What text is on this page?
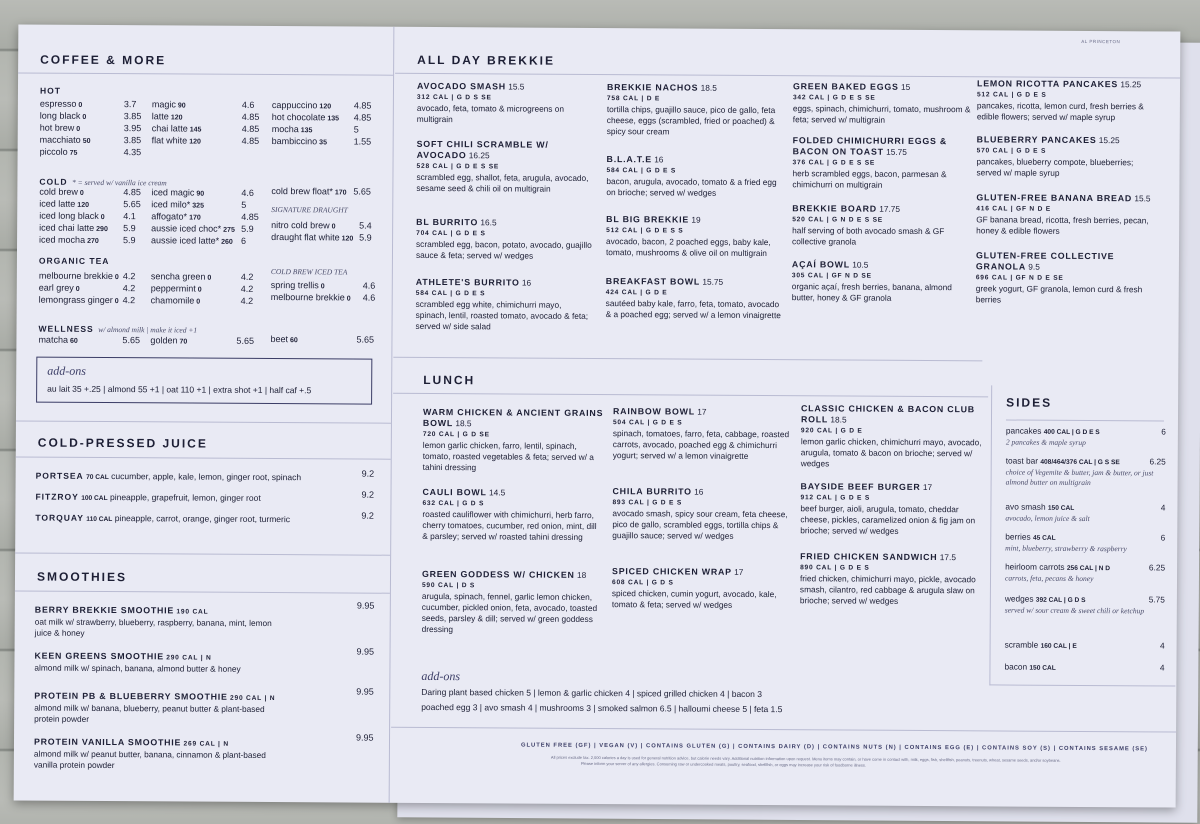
COFFEE & MORE
HOT
espresso 0	3.7
long black 0	3.85
hot brew 0	3.95
macchiato 50	3.85
piccolo 75	4.35
magic 90	4.6
latte 120	4.85
chai latte 145	4.85
flat white 120	4.85
cappuccino 120	4.85
hot chocolate 135 4.85
mocha 135	5
bambiccino 35	1.55
COLD * = served w/ vanilla ice cream
cold brew 0	4.85
iced latte 120	5.65
iced long black 0 4.1
iced chai latte 290 5.9
iced mocha 270	5.9
iced magic 90	4.6
iced milo* 325	5
affogato* 170	4.85
aussie iced choc* 275 5.9
aussie iced latte* 260 6
cold brew float* 170 5.65
nitro cold brew 0	5.4
draught flat white 120 5.9
SIGNATURE DRAUGHT
ORGANIC TEA
COLD BREW ICED TEA
melbourne brekkie 0 4.2
earl grey 0	4.2
lemongrass ginger 0 4.2
sencha green 0	4.2
peppermint 0	4.2
chamomile 0	4.2
spring trellis 0	4.6
melbourne brekkie 0 4.6
WELLNESS w/ almond milk | make it iced +1
matcha 60	5.65 golden 70	5.65 beet 60	5.65
add-ons
au lait 35 +.25 | almond 55 +1 | oat 110 +1 | extra shot +1 | half caf +.5
COLD-PRESSED JUICE
PORTSEA 70 CAL cucumber, apple, kale, lemon, ginger root, spinach	9.2
FITZROY 100 CAL pineapple, grapefruit, lemon, ginger root	9.2
TORQUAY 110 CAL pineapple, carrot, orange, ginger root, turmeric	9.2
SMOOTHIES
BERRY BREKKIE SMOOTHIE 190 CAL
oat milk w/ strawberry, blueberry, raspberry, banana, mint, lemon juice & honey
9.95
KEEN GREENS SMOOTHIE 290 CAL | N
almond milk w/ spinach, banana, almond butter & honey
9.95
PROTEIN PB & BLUEBERRY SMOOTHIE 290 CAL | N
almond milk w/ banana, blueberry, peanut butter & plant-based protein powder
9.95
PROTEIN VANILLA SMOOTHIE 269 CAL | N
almond milk w/ peanut butter, banana, cinnamon & plant-based vanilla protein powder
9.95
ALL DAY BREKKIE
AL PRINCETON
AVOCADO SMASH 15.5
312 CAL | G D S SE
avocado, feta, tomato & microgreens on multigrain
SOFT CHILI SCRAMBLE W/ AVOCADO 16.25
528 CAL | G D E S SE
scrambled egg, shallot, feta, arugula, avocado, sesame seed & chili oil on multigrain
BL BURRITO 16.5
704 CAL | G D E S
scrambled egg, bacon, potato, avocado, guajillo sauce & feta; served w/ wedges
ATHLETE'S BURRITO 16
584 CAL | G D E S
scrambled egg white, chimichurri mayo, spinach, lentil, roasted tomato, avocado & feta; served w/ side salad
BREKKIE NACHOS 18.5
758 CAL | D E
tortilla chips, guajillo sauce, pico de gallo, feta cheese, eggs (scrambled, fried or poached) & spicy sour cream
B.L.A.T.E 16
584 CAL | G D E S
bacon, arugula, avocado, tomato & a fried egg on brioche; served w/ wedges
BL BIG BREKKIE 19
512 CAL | G D E S S
avocado, bacon, 2 poached eggs, baby kale, tomato, mushrooms & olive oil on multigrain
BREAKFAST BOWL 15.75
424 CAL | G D E
sautéed baby kale, farro, feta, tomato, avocado & a poached egg; served w/ a lemon vinaigrette
GREEN BAKED EGGS 15
342 CAL | G D E S SE
eggs, spinach, chimichurri, tomato, mushroom & feta; served w/ multigrain
FOLDED CHIMICHURRI EGGS & BACON ON TOAST 15.75
376 CAL | G D E S SE
herb scrambled eggs, bacon, parmesan & chimichurri on multigrain
BREKKIE BOARD 17.75
520 CAL | G N D E S SE
half serving of both avocado smash & GF collective granola
AÇAÍ BOWL 10.5
305 CAL | GF N D SE
organic açaí, fresh berries, banana, almond butter, honey & GF granola
LEMON RICOTTA PANCAKES 15.25
512 CAL | G D E S
pancakes, ricotta, lemon curd, fresh berries & edible flowers; served w/ maple syrup
BLUEBERRY PANCAKES 15.25
570 CAL | G D E S
pancakes, blueberry compote, blueberries; served w/ maple syrup
GLUTEN-FREE BANANA BREAD 15.5
416 CAL | GF N D E
GF banana bread, ricotta, fresh berries, pecan, honey & edible flowers
GLUTEN-FREE COLLECTIVE GRANOLA 9.5
696 CAL | GF N D E SE
greek yogurt, GF granola, lemon curd & fresh berries
LUNCH
WARM CHICKEN & ANCIENT GRAINS BOWL 18.5
720 CAL | G D SE
lemon garlic chicken, farro, lentil, spinach, tomato, roasted vegetables & feta; served w/ a tahini dressing
CAULI BOWL 14.5
632 CAL | G D S
roasted cauliflower with chimichurri, herb farro, cherry tomatoes, cucumber, red onion, mint, dill & parsley; served w/ roasted tahini dressing
GREEN GODDESS W/ CHICKEN 18
590 CAL | D S
arugula, spinach, fennel, garlic lemon chicken, cucumber, pickled onion, feta, avocado, toasted seeds, parsley & dill; served w/ green goddess dressing
RAINBOW BOWL 17
504 CAL | G D E S
spinach, tomatoes, farro, feta, cabbage, roasted carrots, avocado, poached egg & chimichurri yogurt; served w/ a lemon vinaigrette
CHILA BURRITO 16
893 CAL | G D E S
avocado smash, spicy sour cream, feta cheese, pico de gallo, scrambled eggs, tortilla chips & guajillo sauce; served w/ wedges
SPICED CHICKEN WRAP 17
608 CAL | G D S
spiced chicken, cumin yogurt, avocado, kale, tomato & feta; served w/ wedges
CLASSIC CHICKEN & BACON CLUB ROLL 18.5
920 CAL | G D E
lemon garlic chicken, chimichurri mayo, avocado, arugula, tomato & bacon on brioche; served w/ wedges
BAYSIDE BEEF BURGER 17
912 CAL | G D E S
beef burger, aioli, arugula, tomato, cheddar cheese, pickles, caramelized onion & fig jam on brioche; served w/ wedges
FRIED CHICKEN SANDWICH 17.5
890 CAL | G D E S
fried chicken, chimichurri mayo, pickle, avocado smash, cilantro, red cabbage & arugula slaw on brioche; served w/ wedges
SIDES
pancakes 400 CAL | G D E S
2 pancakes & maple syrup
6
toast bar 408/464/376 CAL | G S SE
choice of Vegemite & butter, jam & butter, or just almond butter on multigrain
6.25
avo smash 150 CAL
avocado, lemon juice & salt
4
berries 45 CAL
mint, blueberry, strawberry & raspberry
6
heirloom carrots 256 CAL | N D
carrots, feta, pecans & honey
6.25
wedges 392 CAL | G D S
served w/ sour cream & sweet chili or ketchup
5.75
scramble 160 CAL | E	4
bacon 150 CAL	4
add-ons
Daring plant based chicken 5 | lemon & garlic chicken 4 | spiced grilled chicken 4 | bacon 3
poached egg 3 | avo smash 4 | mushrooms 3 | smoked salmon 6.5 | halloumi cheese 5 | feta 1.5
GLUTEN FREE (GF) | VEGAN (V) | CONTAINS GLUTEN (G) | CONTAINS DAIRY (D) | CONTAINS NUTS (N) | CONTAINS EGG (E) | CONTAINS SOY (S) | CONTAINS SESAME (SE)
All prices exclude tax. 2,000 calories a day is used for general nutrition advice, but calorie needs vary. Additional nutrition information upon request. Menu items may contain, or have come in contact with, milk, eggs, fish, shellfish, peanuts, treenuts, wheat, sesame seeds, and/or soybeans.
Please inform your server of any allergies. Consuming raw or undercooked meats, poultry, seafood, shellfish, or eggs may increase your risk of foodborne illness.
